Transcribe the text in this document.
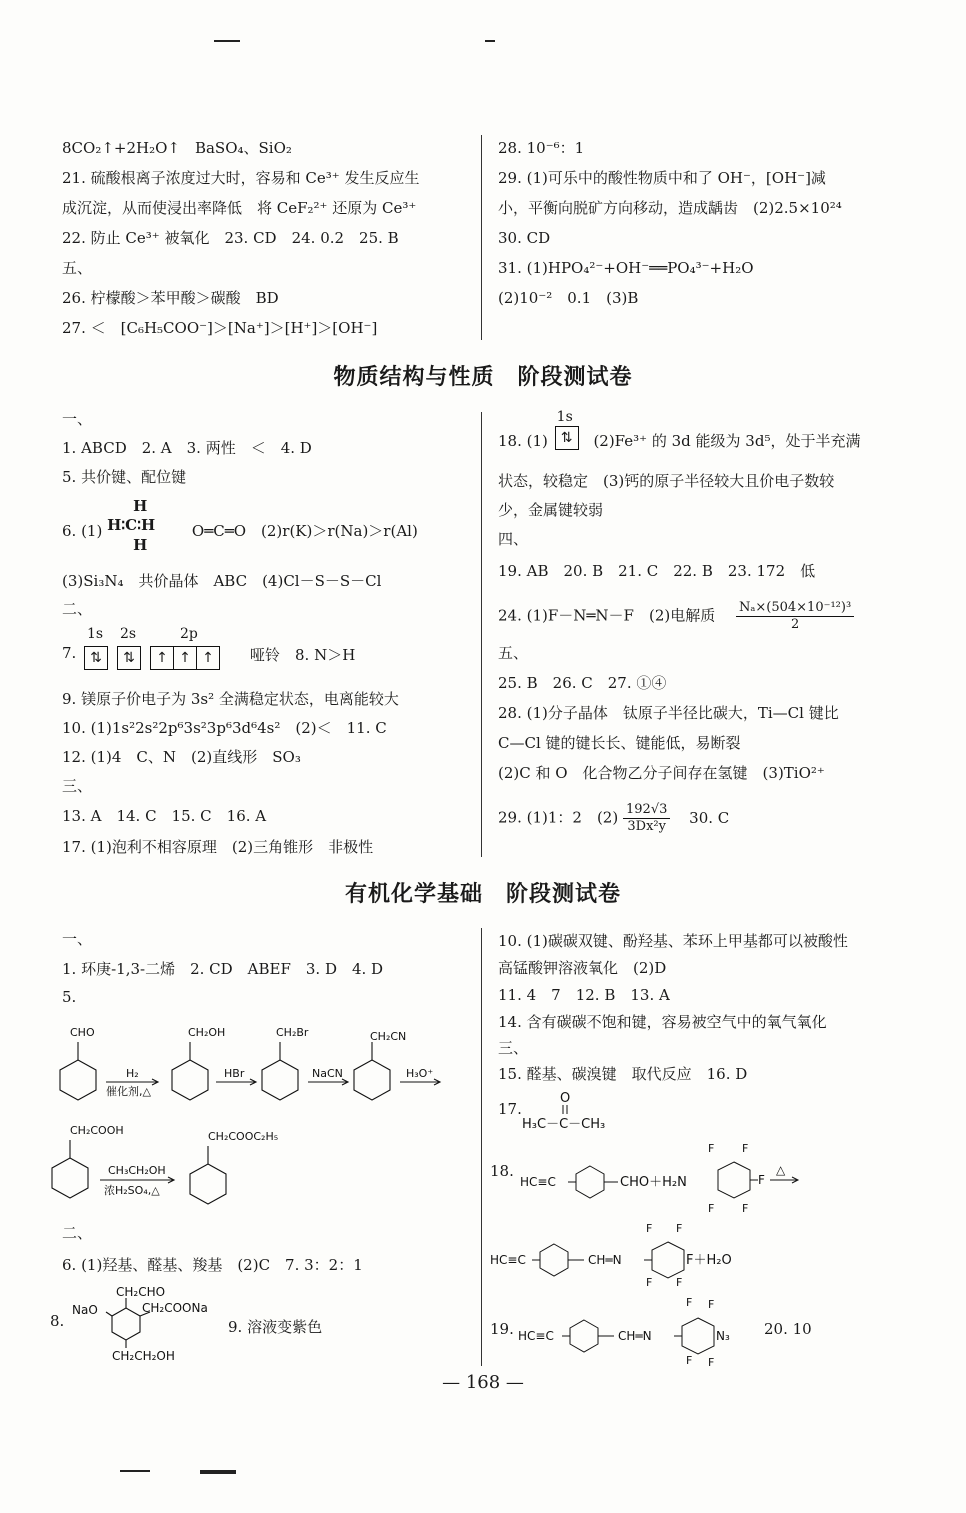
8CO₂↑+2H₂O↑　BaSO₄、SiO₂
21. 硫酸根离子浓度过大时，容易和 Ce³⁺ 发生反应生
成沉淀，从而使浸出率降低　将 CeF₂²⁺ 还原为 Ce³⁺
22. 防止 Ce³⁺ 被氧化　23. CD　24. 0.2　25. B
五、
26. 柠檬酸＞苯甲酸＞碳酸　BD
27. ＜　[C₆H₅COO⁻]＞[Na⁺]＞[H⁺]＞[OH⁻]
28. 10⁻⁶：1
29. (1)可乐中的酸性物质中和了 OH⁻，[OH⁻]减
小，平衡向脱矿方向移动，造成龋齿　(2)2.5×10²⁴
30. CD
31. (1)HPO₄²⁻+OH⁻══PO₄³⁻+H₂O
(2)10⁻²　0.1　(3)B
物质结构与性质　阶段测试卷
一、
1. ABCD　2. A　3. 两性　＜　4. D
5. 共价键、配位键
6. (1)
H
H∶C∶H
H
O═C═O　(2)r(K)＞r(Na)＞r(Al)
(3)Si₃N₄　共价晶体　ABC　(4)Cl－S－S－Cl
二、
7.
1s 2s	2p
⇅	⇅	↑ ↑ ↑	哑铃　8. N＞H
9. 镁原子价电子为 3s² 全满稳定状态，电离能较大
10. (1)1s²2s²2p⁶3s²3p⁶3d⁶4s²　(2)＜　11. C
12. (1)4　C、N　(2)直线形　SO₃
三、
13. A　14. C　15. C　16. A
17. (1)泡利不相容原理　(2)三角锥形　非极性
18. (1)
1s
⇅	(2)Fe³⁺ 的 3d 能级为 3d⁵，处于半充满
状态，较稳定　(3)钙的原子半径较大且价电子数较
少，金属键较弱
四、
19. AB　20. B　21. C　22. B　23. 172　低
24. (1)F－N═N－F　(2)电解质 $\frac{\text{Nₐ×(504×10⁻¹²)³}}{2}$
五、
25. B　26. C　27. ①④
28. (1)分子晶体　钛原子半径比碳大，Ti—Cl 键比
C—Cl 键的键长长、键能低，易断裂
(2)C 和 O　化合物乙分子间存在氢键　(3)TiO²⁺
29. (1)1：2　$(2) \frac{192√3}{\text{3Dx²y}} 30$. C
有机化学基础　阶段测试卷
一、
1. 环庚-1,3-二烯　2. CD　ABEF　3. D　4. D
5.
CHO	CH₂OH	CH₂Br	CH₂CN
H₂
催化剂,△
HBr	NaCN	H₃O⁺
CH₂COOH	CH₂COOC₂H₅
CH₃CH₂OH
浓H₂SO₄,△
二、
6. (1)羟基、醛基、羧基　(2)C　7. 3：2：1
8.
CH₂CHO
NaO	CH₂COONa
CH₂CH₂OH
9. 溶液变紫色
10. (1)碳碳双键、酚羟基、苯环上甲基都可以被酸性
高锰酸钾溶液氧化　(2)D
11. 4　7　12. B　13. A
14. 含有碳碳不饱和键，容易被空气中的氧气氧化
三、
15. 醛基、碳溴键　取代反应　16. D
17.
O
H₃C－C－CH₃
18.
HC≡C	CHO＋H₂N
F	F
F	F
F
△
HC≡C	CH═N
F F
F F
F＋H₂O
19. HC≡C	CH═N
F F
F F
N₃ 20. 10
— 168 —
